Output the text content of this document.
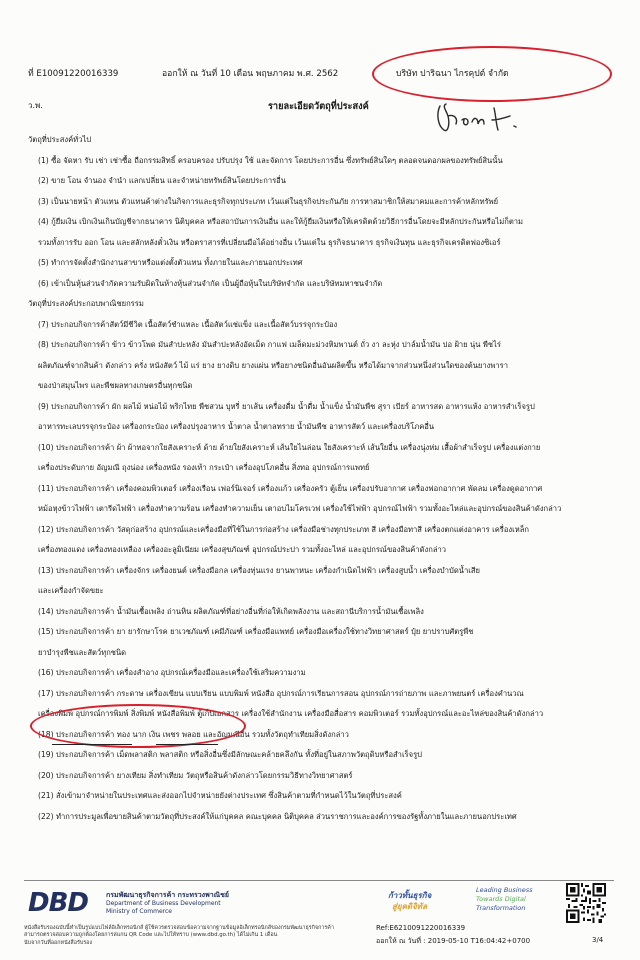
ที่ E10091220016339	ออกให้ ณ วันที่ 10 เดือน พฤษภาคม พ.ศ. 2562	บริษัท ปาริฉนา ไกรคุปต์ จำกัด
ว.พ.	รายละเอียดวัตถุที่ประสงค์
วัตถุที่ประสงค์ทั่วไป
(1) ซื้อ จัดหา รับ เช่า เช่าซื้อ ถือกรรมสิทธิ์ ครอบครอง ปรับปรุง ใช้ และจัดการ โดยประการอื่น ซึ่งทรัพย์สินใดๆ ตลอดจนดอกผลของทรัพย์สินนั้น
(2) ขาย โอน จำนอง จำนำ แลกเปลี่ยน และจำหน่ายทรัพย์สินโดยประการอื่น
(3) เป็นนายหน้า ตัวแทน ตัวแทนค้าต่างในกิจการและธุรกิจทุกประเภท เว้นแต่ในธุรกิจประกันภัย การหาสมาชิกให้สมาคมและการค้าหลักทรัพย์
(4) กู้ยืมเงิน เบิกเงินเกินบัญชีจากธนาคาร นิติบุคคล หรือสถาบันการเงินอื่น และให้กู้ยืมเงินหรือให้เครดิตด้วยวิธีการอื่นโดยจะมีหลักประกันหรือไม่ก็ตาม
รวมทั้งการรับ ออก โอน และสลักหลังตั๋วเงิน หรือตราสารที่เปลี่ยนมือได้อย่างอื่น เว้นแต่ใน ธุรกิจธนาคาร ธุรกิจเงินทุน และธุรกิจเครดิตฟองซิเอร์
(5) ทำการจัดตั้งสำนักงานสาขาหรือแต่งตั้งตัวแทน ทั้งภายในและภายนอกประเทศ
(6) เข้าเป็นหุ้นส่วนจำกัดความรับผิดในห้างหุ้นส่วนจำกัด เป็นผู้ถือหุ้นในบริษัทจำกัด และบริษัทมหาชนจำกัด
วัตถุที่ประสงค์ประกอบพาณิชยกรรม
(7) ประกอบกิจการค้าสัตว์มีชีวิต เนื้อสัตว์ชำแหละ เนื้อสัตว์แช่แข็ง และเนื้อสัตว์บรรจุกระป๋อง
(8) ประกอบกิจการค้า ข้าว ข้าวโพด มันสำปะหลัง มันสำปะหลังอัดเม็ด กาแฟ เมล็ดมะม่วงหิมพานต์ ถั่ว งา ละหุ่ง ปาล์มน้ำมัน ปอ ฝ้าย นุ่น พืชไร่
ผลิตภัณฑ์จากสินค้า ดังกล่าว ครั่ง หนังสัตว์ ไม้ แร่ ยาง ยางดิบ ยางแผ่น หรือยางชนิดอื่นอันผลิตขึ้น หรือได้มาจากส่วนหนึ่งส่วนใดของต้นยางพารา
ของป่าสมุนไพร และพืชผลทางเกษตรอื่นทุกชนิด
(9) ประกอบกิจการค้า ผัก ผลไม้ หน่อไม้ พริกไทย พืชสวน บุหรี่ ยาเส้น เครื่องดื่ม น้ำดื่ม น้ำแข็ง น้ำมันพืช สุรา เบียร์ อาหารสด อาหารแห้ง อาหารสำเร็จรูป
อาหารทะเลบรรจุกระป๋อง เครื่องกระป๋อง เครื่องปรุงอาหาร น้ำตาล น้ำตาลทราย น้ำมันพืช อาหารสัตว์ และเครื่องบริโภคอื่น
(10) ประกอบกิจการค้า ผ้า ผ้าทอจากใยสังเคราะห์ ด้าย ด้ายใยสังเคราะห์ เส้นใยไนล่อน ใยสังเคราะห์ เส้นใยอื่น เครื่องนุ่งห่ม เสื้อผ้าสำเร็จรูป เครื่องแต่งกาย
เครื่องประดับกาย อัญมณี ถุงน่อง เครื่องหนัง รองเท้า กระเป๋า เครื่องอุปโภคอื่น สิ่งทอ อุปกรณ์การแพทย์
(11) ประกอบกิจการค้า เครื่องคอมพิวเตอร์ เครื่องเรือน เฟอร์นิเจอร์ เครื่องแก้ว เครื่องครัว ตู้เย็น เครื่องปรับอากาศ เครื่องฟอกอากาศ พัดลม เครื่องดูดอากาศ
หม้อหุงข้าวไฟฟ้า เตารีดไฟฟ้า เครื่องทำความร้อน เครื่องทำความเย็น เตาอบไมโครเวฟ เครื่องใช้ไฟฟ้า อุปกรณ์ไฟฟ้า รวมทั้งอะไหล่และอุปกรณ์ของสินค้าดังกล่าว
(12) ประกอบกิจการค้า วัสดุก่อสร้าง อุปกรณ์และเครื่องมือที่ใช้ในการก่อสร้าง เครื่องมือช่างทุกประเภท สี เครื่องมือทาสี เครื่องตกแต่งอาคาร เครื่องเหล็ก
เครื่องทองแดง เครื่องทองเหลือง เครื่องอะลูมิเนียม เครื่องสุขภัณฑ์ อุปกรณ์ประปา รวมทั้งอะไหล่ และอุปกรณ์ของสินค้าดังกล่าว
(13) ประกอบกิจการค้า เครื่องจักร เครื่องยนต์ เครื่องมือกล เครื่องทุ่นแรง ยานพาหนะ เครื่องกำเนิดไฟฟ้า เครื่องสูบน้ำ เครื่องบำบัดน้ำเสีย
และเครื่องกำจัดขยะ
(14) ประกอบกิจการค้า น้ำมันเชื้อเพลิง ถ่านหิน ผลิตภัณฑ์ที่อย่างอื่นที่ก่อให้เกิดพลังงาน และสถานีบริการน้ำมันเชื้อเพลิง
(15) ประกอบกิจการค้า ยา ยารักษาโรค ยาเวชภัณฑ์ เคมีภัณฑ์ เครื่องมือแพทย์ เครื่องมือเครื่องใช้ทางวิทยาศาสตร์ ปุ๋ย ยาปราบศัตรูพืช
ยาบำรุงพืชและสัตว์ทุกชนิด
(16) ประกอบกิจการค้า เครื่องสำอาง อุปกรณ์เครื่องมือและเครื่องใช้เสริมความงาม
(17) ประกอบกิจการค้า กระดาษ เครื่องเขียน แบบเรียน แบบพิมพ์ หนังสือ อุปกรณ์การเรียนการสอน อุปกรณ์การถ่ายภาพ และภาพยนตร์ เครื่องคำนวณ
เครื่องพิมพ์ อุปกรณ์การพิมพ์ สิ่งพิมพ์ หนังสือพิมพ์ ตู้เก็บเอกสาร เครื่องใช้สำนักงาน เครื่องมือสื่อสาร คอมพิวเตอร์ รวมทั้งอุปกรณ์และอะไหล่ของสินค้าดังกล่าว
(18) ประกอบกิจการค้า ทอง นาก เงิน เพชร พลอย และอัญมณีอื่น รวมทั้งวัตถุทำเทียมสิ่งดังกล่าว
(19) ประกอบกิจการค้า เม็ดพลาสติก พลาสติก หรือสิ่งอื่นซึ่งมีลักษณะคล้ายคลึงกัน ทั้งที่อยู่ในสภาพวัตถุดิบหรือสำเร็จรูป
(20) ประกอบกิจการค้า ยางเทียม สิ่งทำเทียม วัตถุหรือสินค้าดังกล่าวโดยกรรมวิธีทางวิทยาศาสตร์
(21) สั่งเข้ามาจำหน่ายในประเทศและส่งออกไปจำหน่ายยังต่างประเทศ ซึ่งสินค้าตามที่กำหนดไว้ในวัตถุที่ประสงค์
(22) ทำการประมูลเพื่อขายสินค้าตามวัตถุที่ประสงค์ให้แก่บุคคล คณะบุคคล นิติบุคคล ส่วนราชการและองค์การของรัฐทั้งภายในและภายนอกประเทศ
DBD	กรมพัฒนาธุรกิจการค้า กระทรวงพาณิชย์
Department of Business Development
Ministry of Commerce
ก้าวทั้นธุรกิจ
สู่ยุคดิจิทัล
Leading Business
Towards Digital
Transformation
หนังสือรับรองฉบับนี้ทำเป็นรูปแบบไฟล์อิเล็กทรอนิกส์ ผู้ใช้ควรตรวจสอบข้อความจากฐานข้อมูลอิเล็กทรอนิกส์ของกรมพัฒนาธุรกิจการค้า
สามารถตรวจสอบความถูกต้องโดยการสแกน QR Code และไปให้ทราบ (www.dbd.go.th) ได้ไม่เกิน 1 เดือน
นับจากวันที่ออกหนังสือรับรอง
Ref:E6210091220016339
ออกให้ ณ วันที่ : 2019-05-10 T16:04:42+0700	3/4
